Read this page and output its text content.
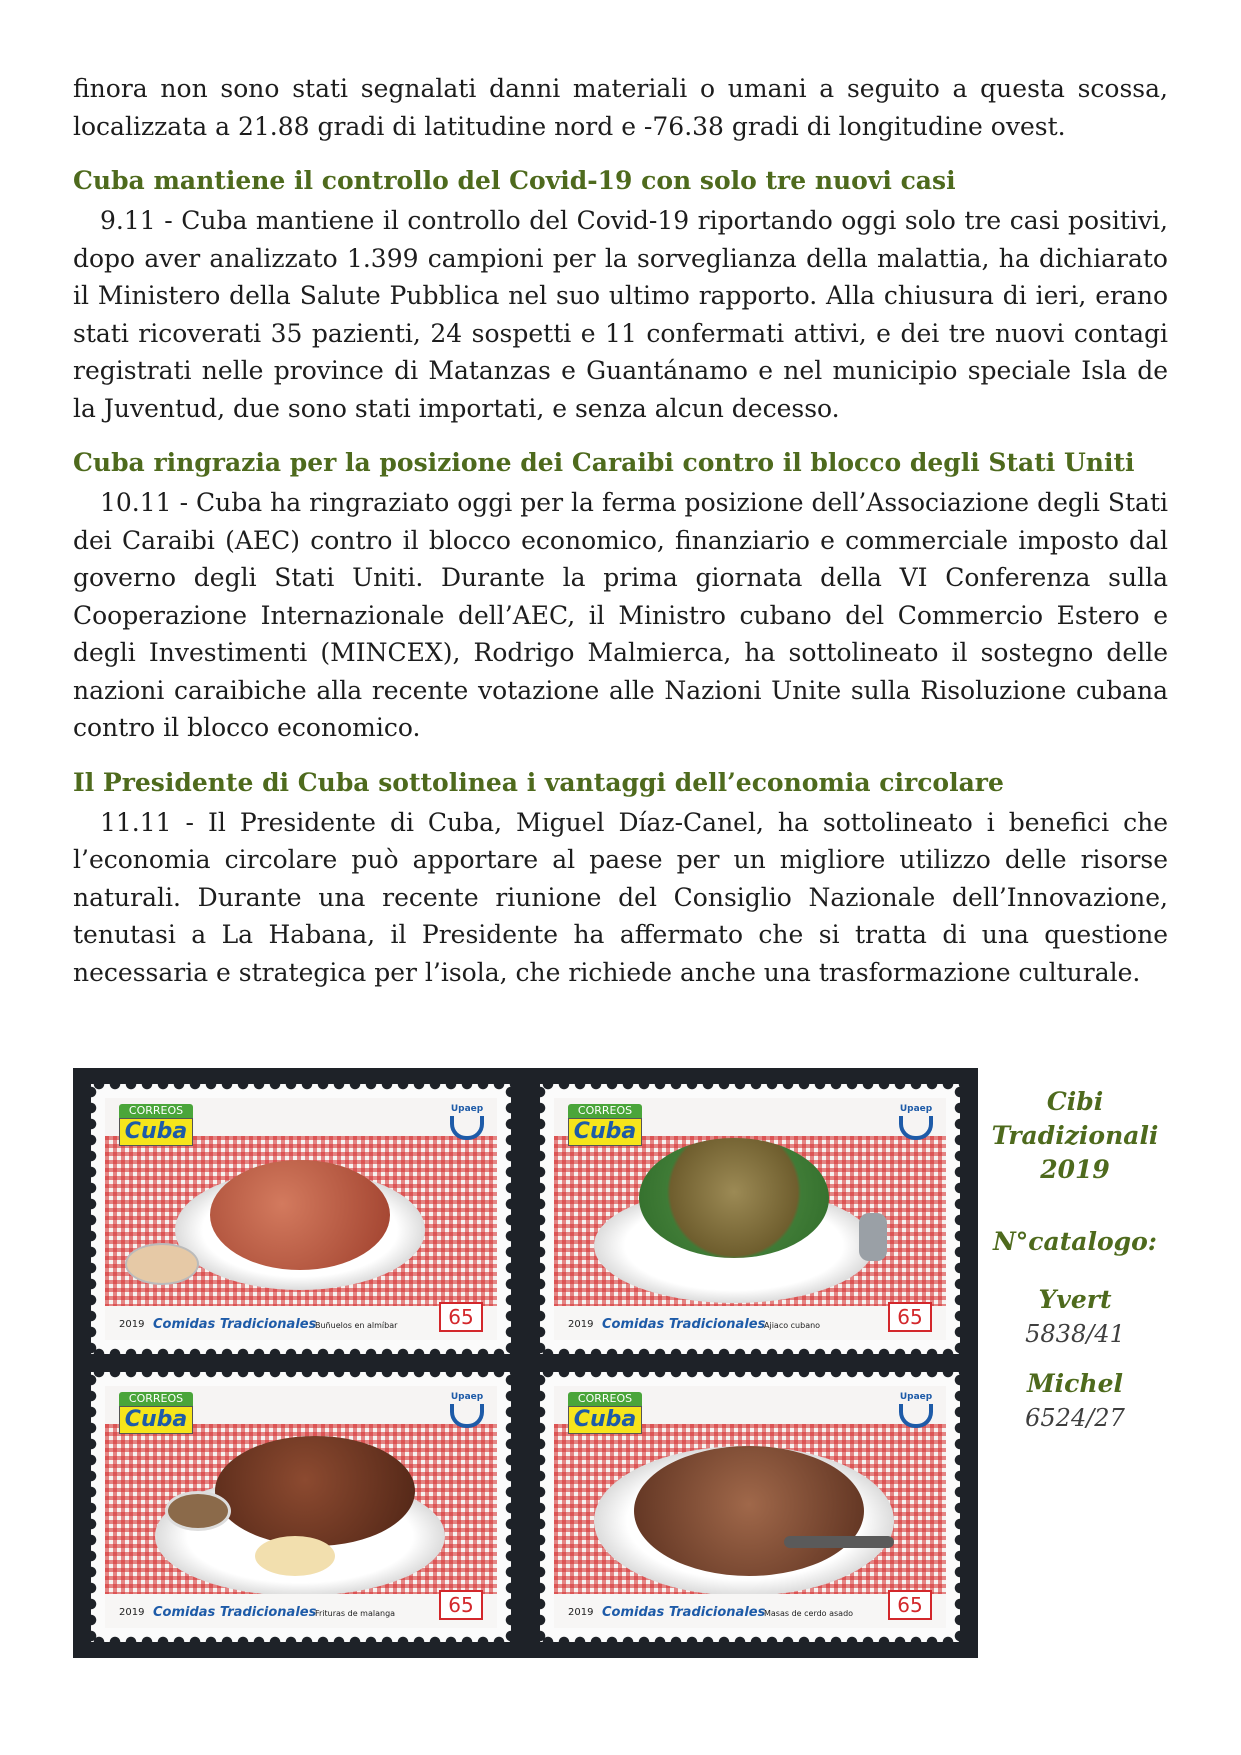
finora non sono stati segnalati danni materiali o umani a seguito a questa scossa, localizzata a 21.88 gradi di latitudine nord e -76.38 gradi di longitudine ovest.

Cuba mantiene il controllo del Covid-19 con solo tre nuovi casi

9.11 - Cuba mantiene il controllo del Covid-19 riportando oggi solo tre casi positivi, dopo aver analizzato 1.399 campioni per la sorveglianza della malattia, ha dichiarato il Ministero della Salute Pubblica nel suo ultimo rapporto. Alla chiusura di ieri, erano stati ricoverati 35 pazienti, 24 sospetti e 11 confermati attivi, e dei tre nuovi contagi registrati nelle province di Matanzas e Guantánamo e nel municipio speciale Isla de la Juventud, due sono stati importati, e senza alcun decesso.

Cuba ringrazia per la posizione dei Caraibi contro il blocco degli Stati Uniti

10.11 - Cuba ha ringraziato oggi per la ferma posizione dell’Associazione degli Stati dei Caraibi (AEC) contro il blocco economico, finanziario e commerciale imposto dal governo degli Stati Uniti. Durante la prima giornata della VI Conferenza sulla Cooperazione Internazionale dell’AEC, il Ministro cubano del Commercio Estero e degli Investimenti (MINCEX), Rodrigo Malmierca, ha sottolineato il sostegno delle nazioni caraibiche alla recente votazione alle Nazioni Unite sulla Risoluzione cubana contro il blocco economico.

Il Presidente di Cuba sottolinea i vantaggi dell’economia circolare

11.11 - Il Presidente di Cuba, Miguel Díaz-Canel, ha sottolineato i benefici che l’economia circolare può apportare al paese per un migliore utilizzo delle risorse naturali. Durante una recente riunione del Consiglio Nazionale dell’Innovazione, tenutasi a La Habana, il Presidente ha affermato che si tratta di una questione necessaria e strategica per l’isola, che richiede anche una trasformazione culturale.

2019 Comidas Tradicionales
Buñuelos en almíbar
CORREOS
Cuba
Upaep
65	2019 Comidas Tradicionales
Ajiaco cubano
CORREOS
Cuba
Upaep
65
2019 Comidas Tradicionales
Frituras de malanga
CORREOS
Cuba
Upaep
65	2019 Comidas Tradicionales
Masas de cerdo asado
CORREOS
Cuba
Upaep
65
Cibi
Tradizionali
2019
N°catalogo:
Yvert
5838/41
Michel
6524/27
